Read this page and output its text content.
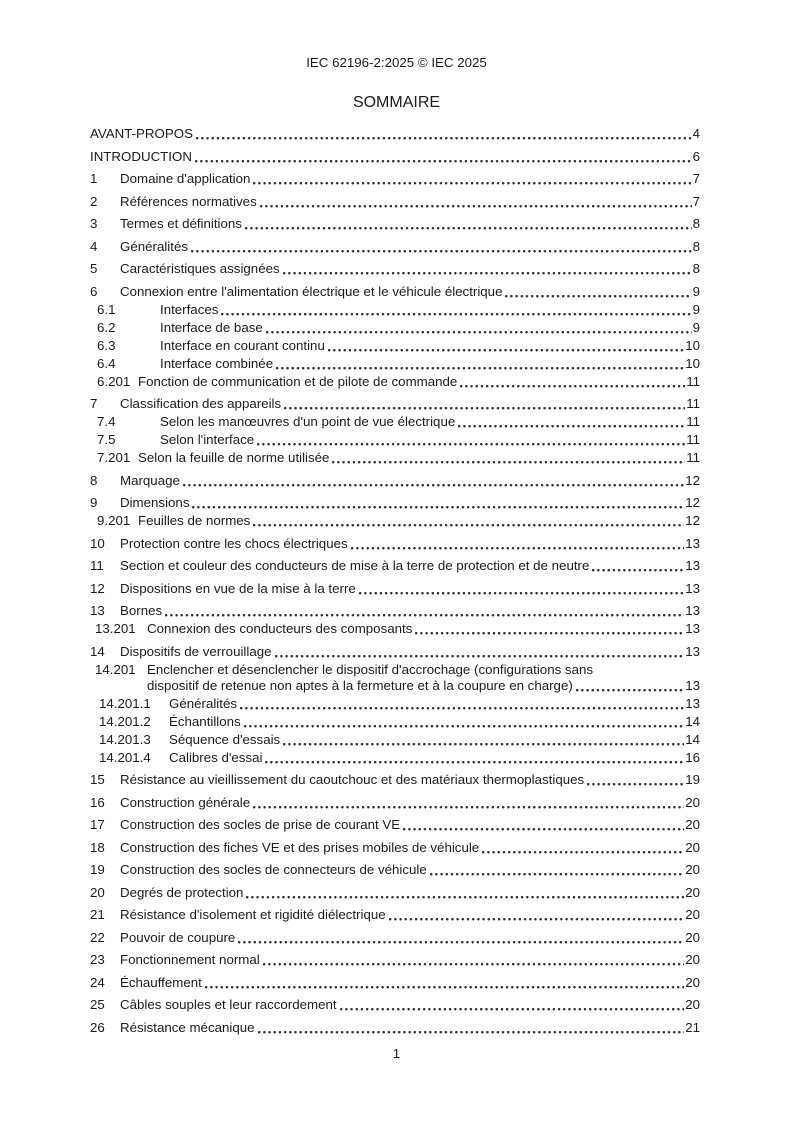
IEC 62196-2:2025 © IEC 2025
SOMMAIRE
AVANT-PROPOS	4
INTRODUCTION	6
1	Domaine d'application	7
2	Références normatives	7
3	Termes et définitions	8
4	Généralités	8
5	Caractéristiques assignées	8
6	Connexion entre l'alimentation électrique et le véhicule électrique	9
6.1	Interfaces	9
6.2	Interface de base	9
6.3	Interface en courant continu	10
6.4	Interface combinée	10
6.201 Fonction de communication et de pilote de commande	11
7	Classification des appareils	11
7.4	Selon les manœuvres d'un point de vue électrique	11
7.5	Selon l'interface	11
7.201 Selon la feuille de norme utilisée	11
8	Marquage	12
9	Dimensions	12
9.201 Feuilles de normes	12
10	Protection contre les chocs électriques	13
11	Section et couleur des conducteurs de mise à la terre de protection et de neutre	13
12	Dispositions en vue de la mise à la terre	13
13	Bornes	13
13.201 Connexion des conducteurs des composants	13
14	Dispositifs de verrouillage	13
14.201 Enclencher et désenclencher le dispositif d'accrochage (configurations sans
dispositif de retenue non aptes à la fermeture et à la coupure en charge)	13
14.201.1	Généralités	13
14.201.2	Échantillons	14
14.201.3	Séquence d'essais	14
14.201.4	Calibres d'essai	16
15	Résistance au vieillissement du caoutchouc et des matériaux thermoplastiques	19
16	Construction générale	20
17	Construction des socles de prise de courant VE	20
18	Construction des fiches VE et des prises mobiles de véhicule	20
19	Construction des socles de connecteurs de véhicule	20
20	Degrés de protection	20
21	Résistance d'isolement et rigidité diélectrique	20
22	Pouvoir de coupure	20
23	Fonctionnement normal	20
24	Échauffement	20
25	Câbles souples et leur raccordement	20
26	Résistance mécanique	21
1
